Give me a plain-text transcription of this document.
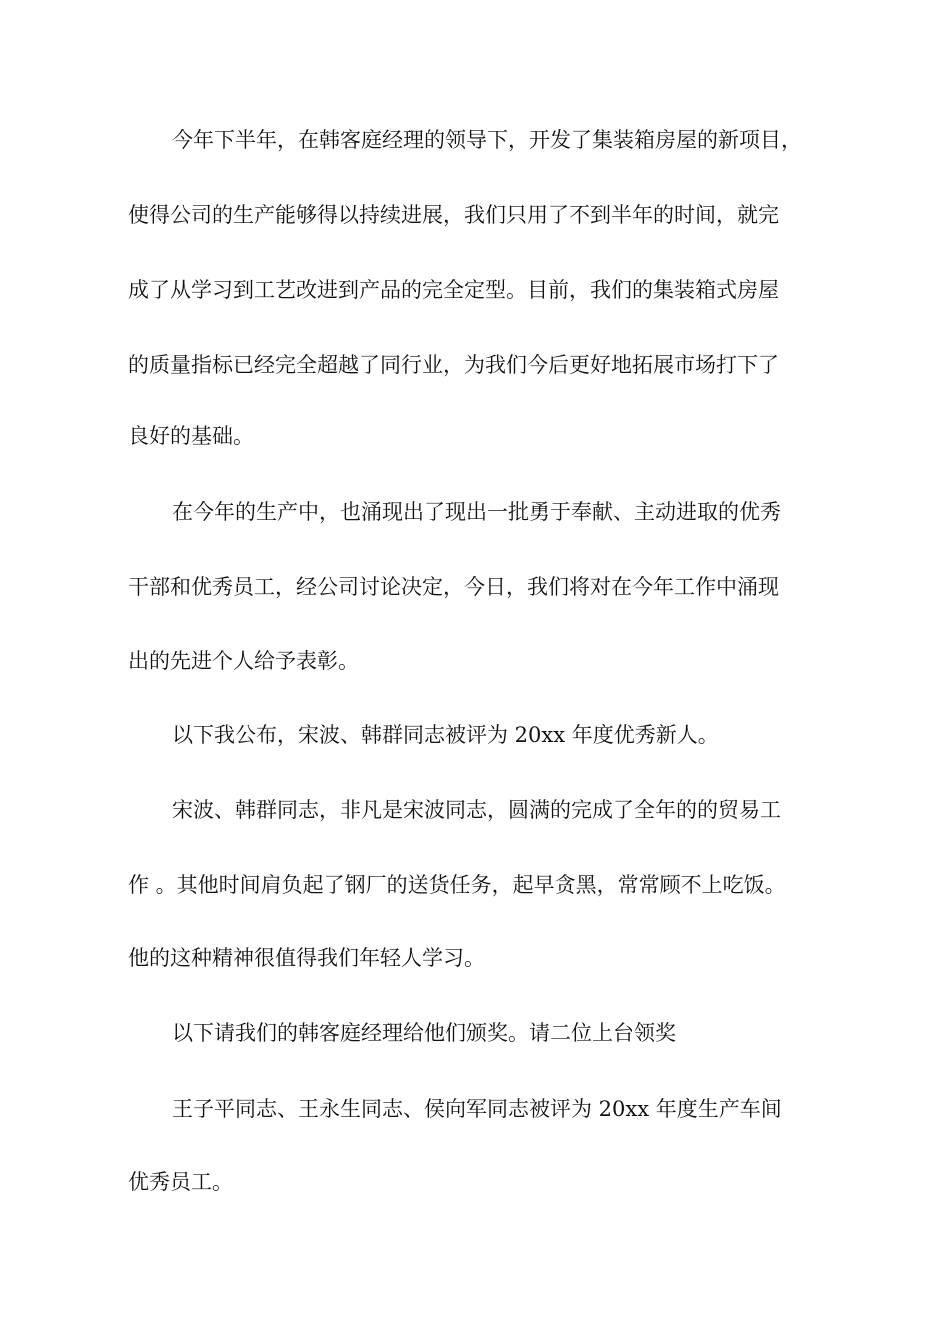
今年下半年，在韩客庭经理的领导下，开发了集装箱房屋的新项目，
使得公司的生产能够得以持续进展，我们只用了不到半年的时间，就完
成了从学习到工艺改进到产品的完全定型。目前，我们的集装箱式房屋
的质量指标已经完全超越了同行业，为我们今后更好地拓展市场打下了
良好的基础。
在今年的生产中，也涌现出了现出一批勇于奉献、主动进取的优秀
干部和优秀员工，经公司讨论决定，今日，我们将对在今年工作中涌现
出的先进个人给予表彰。
以下我公布，宋波、韩群同志被评为 20xx 年度优秀新人。
宋波、韩群同志，非凡是宋波同志，圆满的完成了全年的的贸易工
作 。其他时间肩负起了钢厂的送货任务，起早贪黑，常常顾不上吃饭。
他的这种精神很值得我们年轻人学习。
以下请我们的韩客庭经理给他们颁奖。请二位上台领奖
王子平同志、王永生同志、侯向军同志被评为 20xx 年度生产车间
优秀员工。
